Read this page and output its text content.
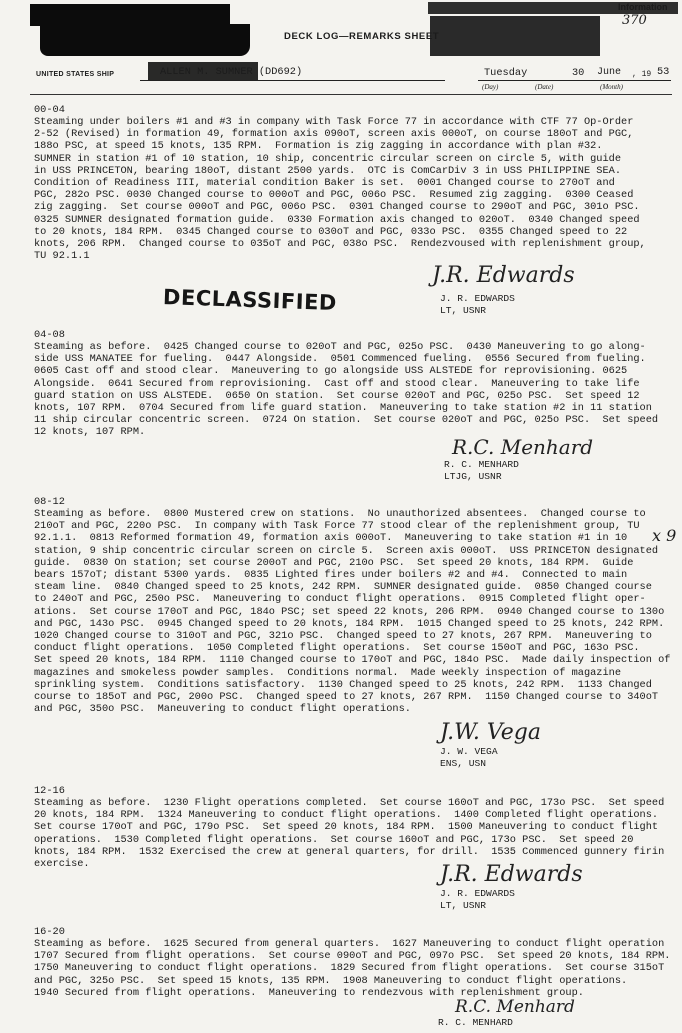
Information
370
DECK LOG—REMARKS SHEET
UNITED STATES SHIP	ALLEN M. SUMNER (DD692)	Tuesday	30 June , 19 53
(Day)	(Date)	(Month)
00-04
Steaming under boilers #1 and #3 in company with Task Force 77 in accordance with CTF 77 Op-Order
2-52 (Revised) in formation 49, formation axis 090oT, screen axis 000oT, on course 180oT and PGC,
188o PSC, at speed 15 knots, 135 RPM.  Formation is zig zagging in accordance with plan #32.
SUMNER in station #1 of 10 station, 10 ship, concentric circular screen on circle 5, with guide
in USS PRINCETON, bearing 180oT, distant 2500 yards.  OTC is ComCarDiv 3 in USS PHILIPPINE SEA.
Condition of Readiness III, material condition Baker is set.  0001 Changed course to 270oT and
PGC, 282o PSC. 0030 Changed course to 000oT and PGC, 006o PSC.  Resumed zig zagging.  0300 Ceased
zig zagging.  Set course 000oT and PGC, 006o PSC.  0301 Changed course to 290oT and PGC, 301o PSC.
0325 SUMNER designated formation guide.  0330 Formation axis changed to 020oT.  0340 Changed speed
to 20 knots, 184 RPM.  0345 Changed course to 030oT and PGC, 033o PSC.  0355 Changed speed to 22
knots, 206 RPM.  Changed course to 035oT and PGC, 038o PSC.  Rendezvoused with replenishment group,
TU 92.1.1
J.R. Edwards
J. R. EDWARDS
LT, USNR
DECLASSIFIED
04-08
Steaming as before.  0425 Changed course to 020oT and PGC, 025o PSC.  0430 Maneuvering to go along-
side USS MANATEE for fueling.  0447 Alongside.  0501 Commenced fueling.  0556 Secured from fueling.
0605 Cast off and stood clear.  Maneuvering to go alongside USS ALSTEDE for reprovisioning. 0625
Alongside.  0641 Secured from reprovisioning.  Cast off and stood clear.  Maneuvering to take life
guard station on USS ALSTEDE.  0650 On station.  Set course 020oT and PGC, 025o PSC.  Set speed 12
knots, 107 RPM.  0704 Secured from life guard station.  Maneuvering to take station #2 in 11 station
11 ship circular concentric screen.  0724 On station.  Set course 020oT and PGC, 025o PSC.  Set speed
12 knots, 107 RPM.
R.C. Menhard
R. C. MENHARD
LTJG, USNR
08-12
Steaming as before.  0800 Mustered crew on stations.  No unauthorized absentees.  Changed course to
210oT and PGC, 220o PSC.  In company with Task Force 77 stood clear of the replenishment group, TU
92.1.1.  0813 Reformed formation 49, formation axis 000oT.  Maneuvering to take station #1 in 10
station, 9 ship concentric circular screen on circle 5.  Screen axis 000oT.  USS PRINCETON designated
guide.  0830 On station; set course 200oT and PGC, 210o PSC.  Set speed 20 knots, 184 RPM.  Guide
bears 157oT; distant 5300 yards.  0835 Lighted fires under boilers #2 and #4.  Connected to main
steam line.  0840 Changed speed to 25 knots, 242 RPM.  SUMNER designated guide.  0850 Changed course
to 240oT and PGC, 250o PSC.  Maneuvering to conduct flight operations.  0915 Completed flight oper-
ations.  Set course 170oT and PGC, 184o PSC; set speed 22 knots, 206 RPM.  0940 Changed course to 130o
and PGC, 143o PSC.  0945 Changed speed to 20 knots, 184 RPM.  1015 Changed speed to 25 knots, 242 RPM.
1020 Changed course to 310oT and PGC, 321o PSC.  Changed speed to 27 knots, 267 RPM.  Maneuvering to
conduct flight operations.  1050 Completed flight operations.  Set course 150oT and PGC, 163o PSC.
Set speed 20 knots, 184 RPM.  1110 Changed course to 170oT and PGC, 184o PSC.  Made daily inspection of
magazines and smokeless powder samples.  Conditions normal.  Made weekly inspection of magazine
sprinkling system.  Conditions satisfactory.  1130 Changed speed to 25 knots, 242 RPM.  1133 Changed
course to 185oT and PGC, 200o PSC.  Changed speed to 27 knots, 267 RPM.  1150 Changed course to 340oT
and PGC, 350o PSC.  Maneuvering to conduct flight operations.
x 9
J.W. Vega
J. W. VEGA
ENS, USN
12-16
Steaming as before.  1230 Flight operations completed.  Set course 160oT and PGC, 173o PSC.  Set speed
20 knots, 184 RPM.  1324 Maneuvering to conduct flight operations.  1400 Completed flight operations.
Set course 170oT and PGC, 179o PSC.  Set speed 20 knots, 184 RPM.  1500 Maneuvering to conduct flight
operations.  1530 Completed flight operations.  Set course 160oT and PGC, 173o PSC.  Set speed 20
knots, 184 RPM.  1532 Exercised the crew at general quarters, for drill.  1535 Commenced gunnery firin
exercise.	J.R. Edwards
J. R. EDWARDS
LT, USNR
16-20
Steaming as before.  1625 Secured from general quarters.  1627 Maneuvering to conduct flight operation
1707 Secured from flight operations.  Set course 090oT and PGC, 097o PSC.  Set speed 20 knots, 184 RPM.
1750 Maneuvering to conduct flight operations.  1829 Secured from flight operations.  Set course 315oT
and PGC, 325o PSC.  Set speed 15 knots, 135 RPM.  1908 Maneuvering to conduct flight operations.
1940 Secured from flight operations.  Maneuvering to rendezvous with replenishment group.
R.C. Menhard
R. C. MENHARD
